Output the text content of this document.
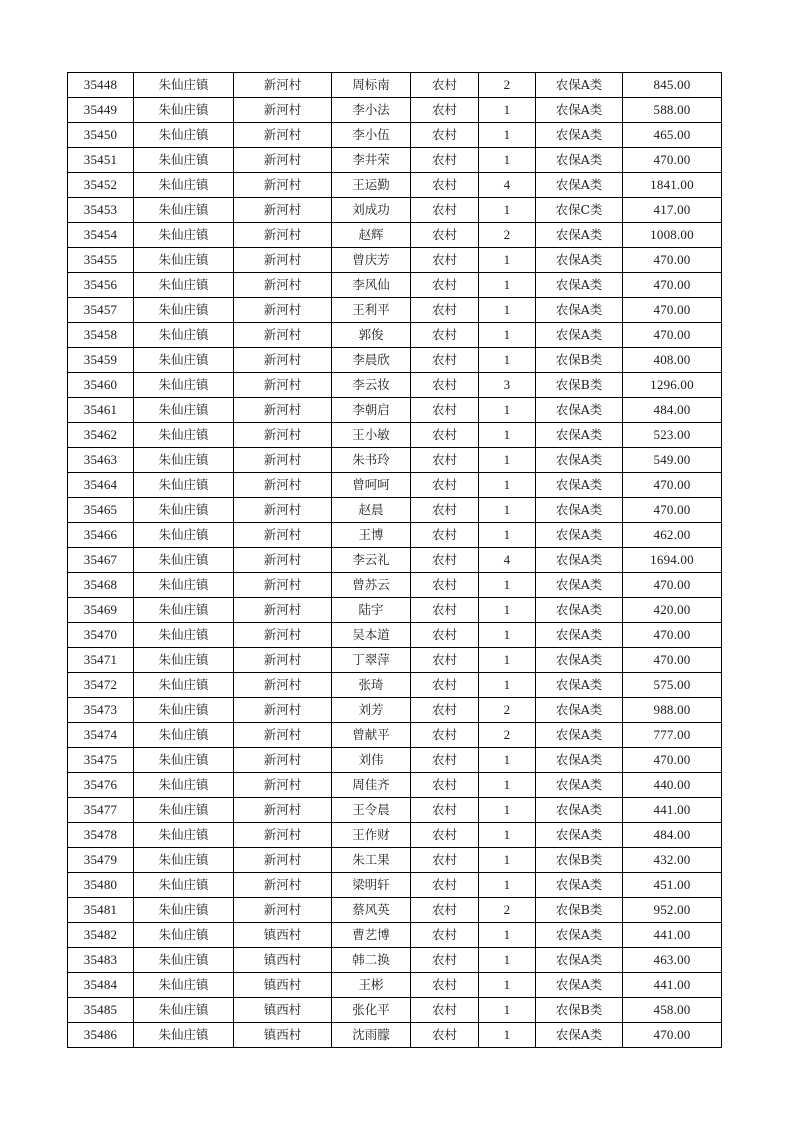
35448	朱仙庄镇	新河村	周标南	农村	2	农保A类	845.00
35449	朱仙庄镇	新河村	李小法	农村	1	农保A类	588.00
35450	朱仙庄镇	新河村	李小伍	农村	1	农保A类	465.00
35451	朱仙庄镇	新河村	李井荣	农村	1	农保A类	470.00
35452	朱仙庄镇	新河村	王运勤	农村	4	农保A类	1841.00
35453	朱仙庄镇	新河村	刘成功	农村	1	农保C类	417.00
35454	朱仙庄镇	新河村	赵辉	农村	2	农保A类	1008.00
35455	朱仙庄镇	新河村	曾庆芳	农村	1	农保A类	470.00
35456	朱仙庄镇	新河村	李风仙	农村	1	农保A类	470.00
35457	朱仙庄镇	新河村	王利平	农村	1	农保A类	470.00
35458	朱仙庄镇	新河村	郭俊	农村	1	农保A类	470.00
35459	朱仙庄镇	新河村	李晨欣	农村	1	农保B类	408.00
35460	朱仙庄镇	新河村	李云妆	农村	3	农保B类	1296.00
35461	朱仙庄镇	新河村	李朝启	农村	1	农保A类	484.00
35462	朱仙庄镇	新河村	王小敏	农村	1	农保A类	523.00
35463	朱仙庄镇	新河村	朱书玲	农村	1	农保A类	549.00
35464	朱仙庄镇	新河村	曾呵呵	农村	1	农保A类	470.00
35465	朱仙庄镇	新河村	赵晨	农村	1	农保A类	470.00
35466	朱仙庄镇	新河村	王博	农村	1	农保A类	462.00
35467	朱仙庄镇	新河村	李云礼	农村	4	农保A类	1694.00
35468	朱仙庄镇	新河村	曾苏云	农村	1	农保A类	470.00
35469	朱仙庄镇	新河村	陆宇	农村	1	农保A类	420.00
35470	朱仙庄镇	新河村	吴本道	农村	1	农保A类	470.00
35471	朱仙庄镇	新河村	丁翠萍	农村	1	农保A类	470.00
35472	朱仙庄镇	新河村	张琦	农村	1	农保A类	575.00
35473	朱仙庄镇	新河村	刘芳	农村	2	农保A类	988.00
35474	朱仙庄镇	新河村	曾献平	农村	2	农保A类	777.00
35475	朱仙庄镇	新河村	刘伟	农村	1	农保A类	470.00
35476	朱仙庄镇	新河村	周佳齐	农村	1	农保A类	440.00
35477	朱仙庄镇	新河村	王令晨	农村	1	农保A类	441.00
35478	朱仙庄镇	新河村	王作财	农村	1	农保A类	484.00
35479	朱仙庄镇	新河村	朱工果	农村	1	农保B类	432.00
35480	朱仙庄镇	新河村	梁明轩	农村	1	农保A类	451.00
35481	朱仙庄镇	新河村	蔡风英	农村	2	农保B类	952.00
35482	朱仙庄镇	镇西村	曹艺博	农村	1	农保A类	441.00
35483	朱仙庄镇	镇西村	韩二换	农村	1	农保A类	463.00
35484	朱仙庄镇	镇西村	王彬	农村	1	农保A类	441.00
35485	朱仙庄镇	镇西村	张化平	农村	1	农保B类	458.00
35486	朱仙庄镇	镇西村	沈雨朦	农村	1	农保A类	470.00
